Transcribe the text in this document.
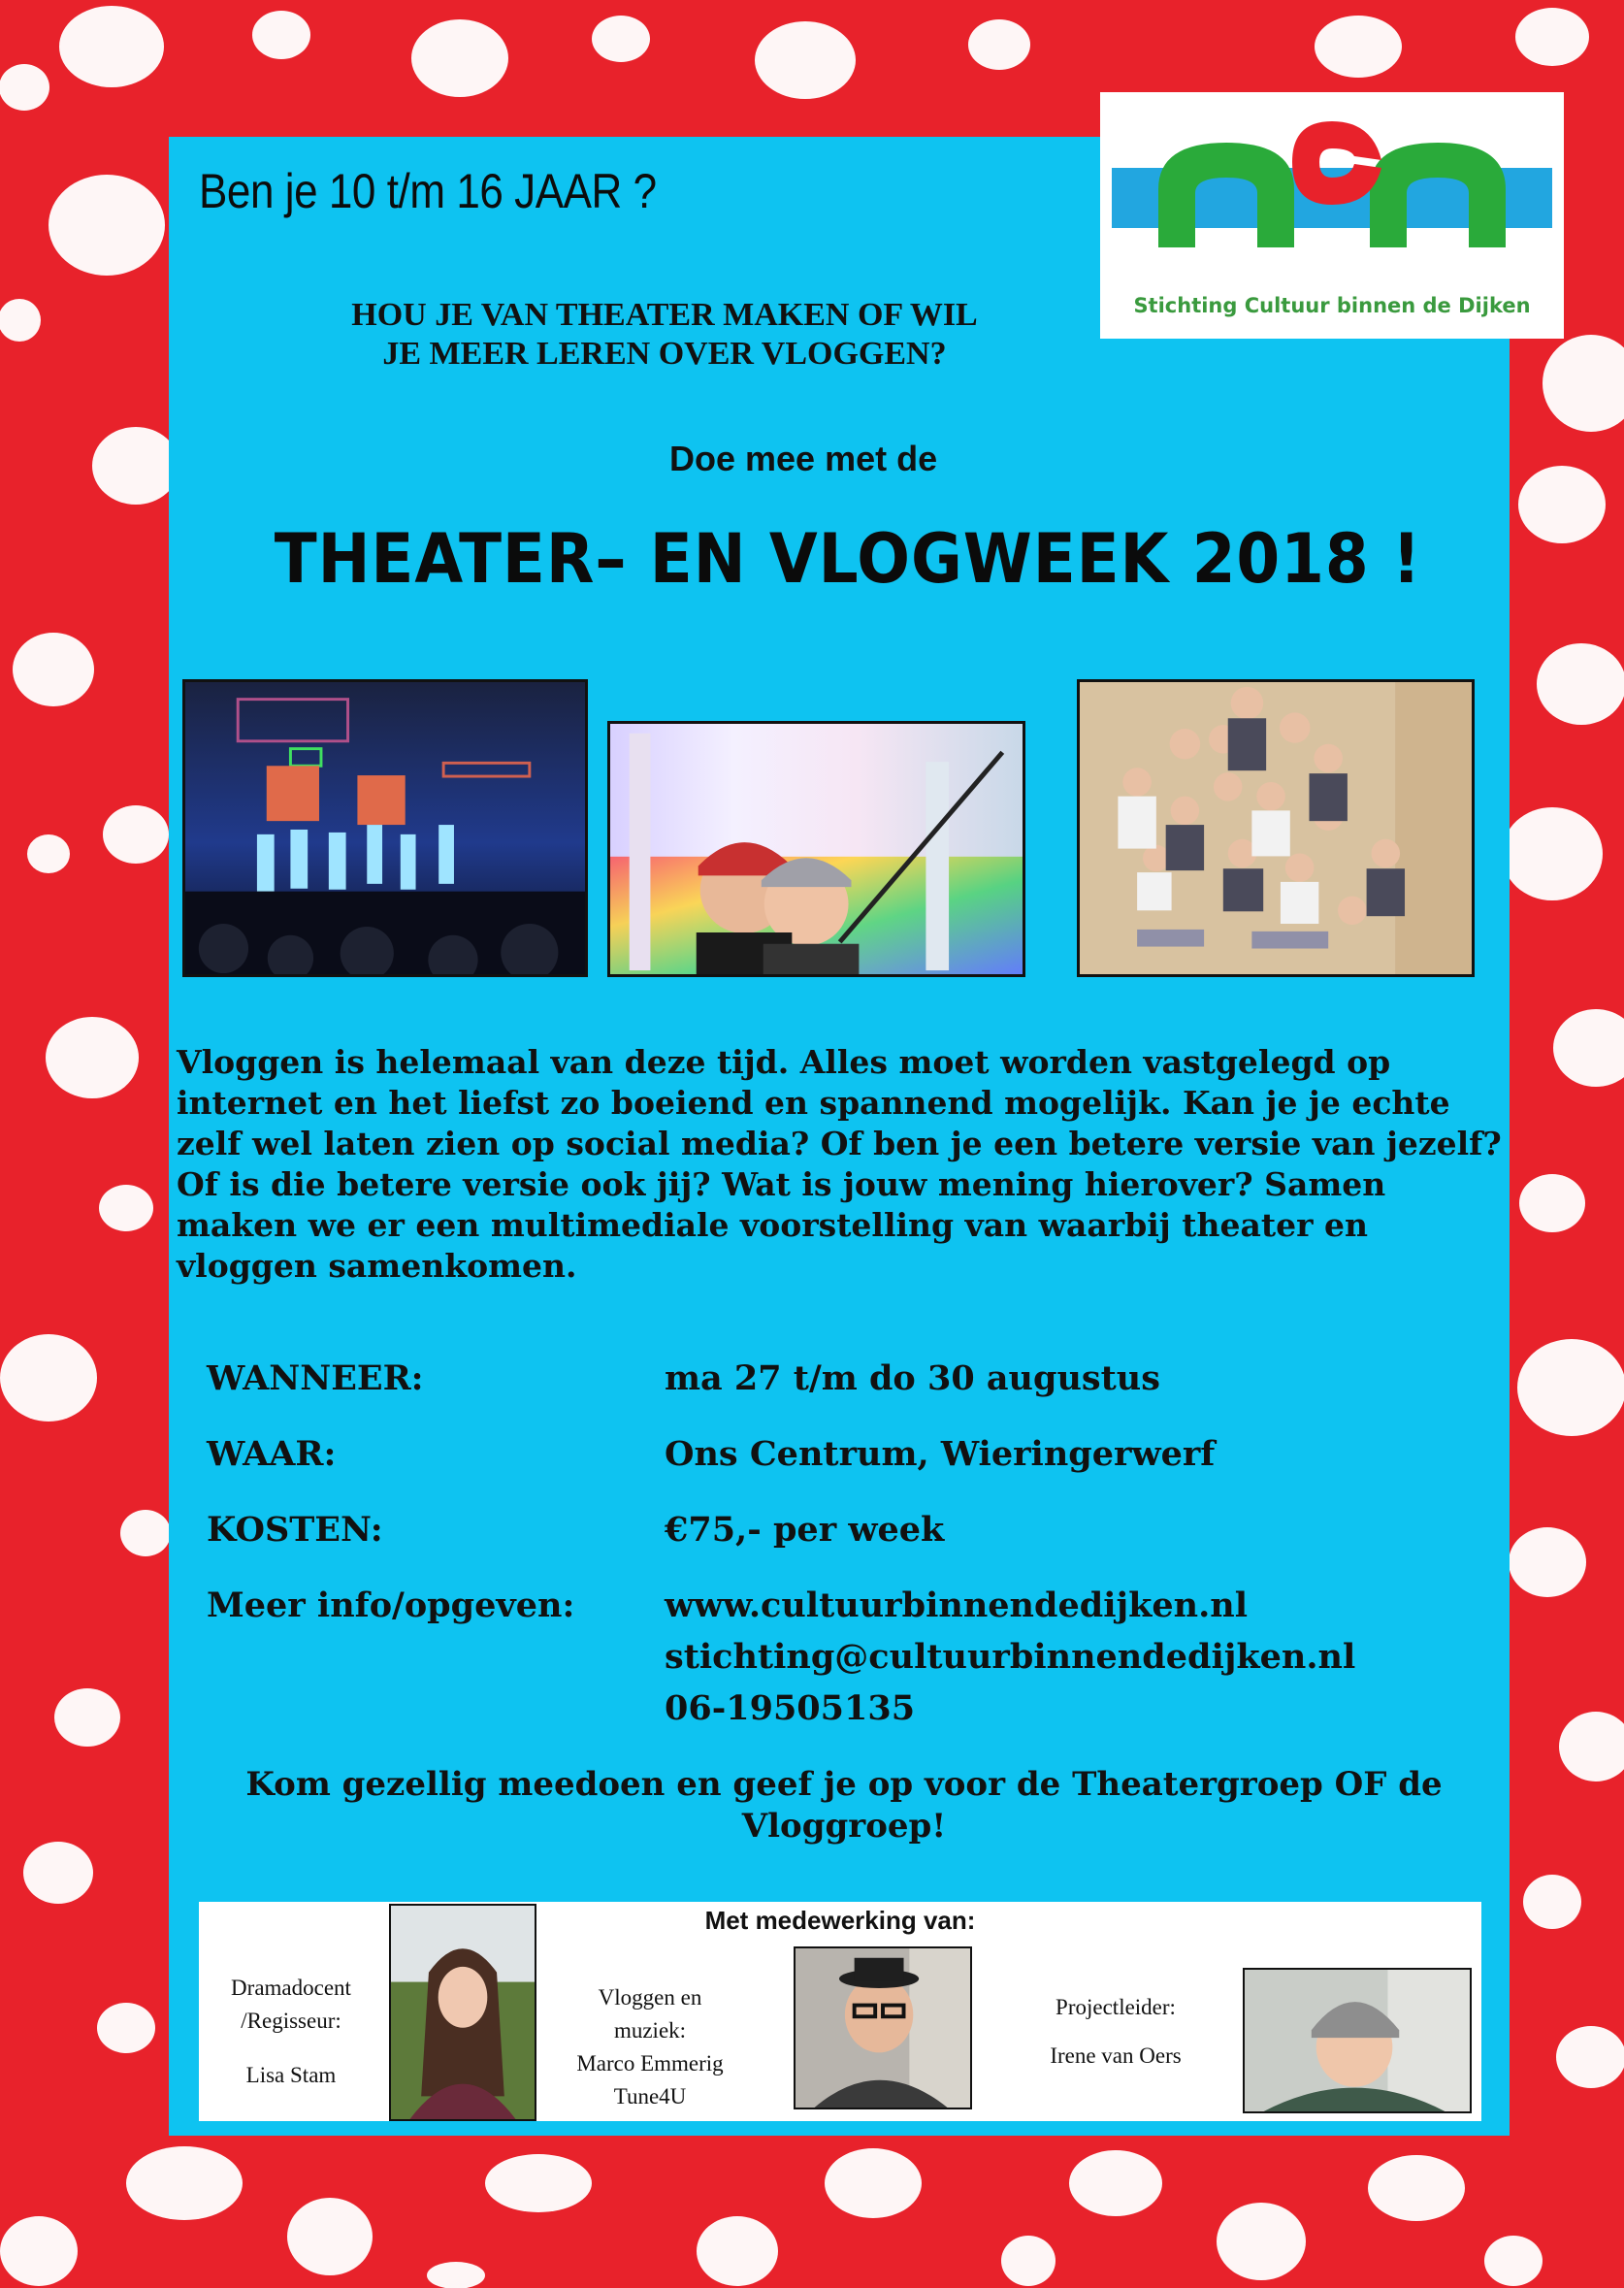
Stichting Cultuur binnen de Dijken
Ben je 10 t/m 16 JAAR ?
HOU JE VAN THEATER MAKEN OF WIL
JE MEER LEREN OVER VLOGGEN?
Doe mee met de
THEATER– EN VLOGWEEK 2018 !
Vloggen is helemaal van deze tijd. Alles moet worden vastgelegd op internet en het liefst zo boeiend en spannend mogelijk. Kan je je echte zelf wel laten zien op social media? Of ben je een betere versie van jezelf? Of is die betere versie ook jij? Wat is jouw mening hierover? Samen maken we er een multimediale voorstelling van waarbij theater en vloggen samenkomen.
WANNEER:	ma 27 t/m do 30 augustus
WAAR:	Ons Centrum, Wieringerwerf
KOSTEN:	€75,- per week
Meer info/opgeven:	www.cultuurbinnendedijken.nl
stichting@cultuurbinnendedijken.nl
06-19505135
Kom gezellig meedoen en geef je op voor de Theatergroep OF de
Vloggroep!
Met medewerking van:
Dramadocent
/Regisseur:
Lisa Stam
Vloggen en
muziek:
Marco Emmerig
Tune4U
Projectleider:
Irene van Oers
